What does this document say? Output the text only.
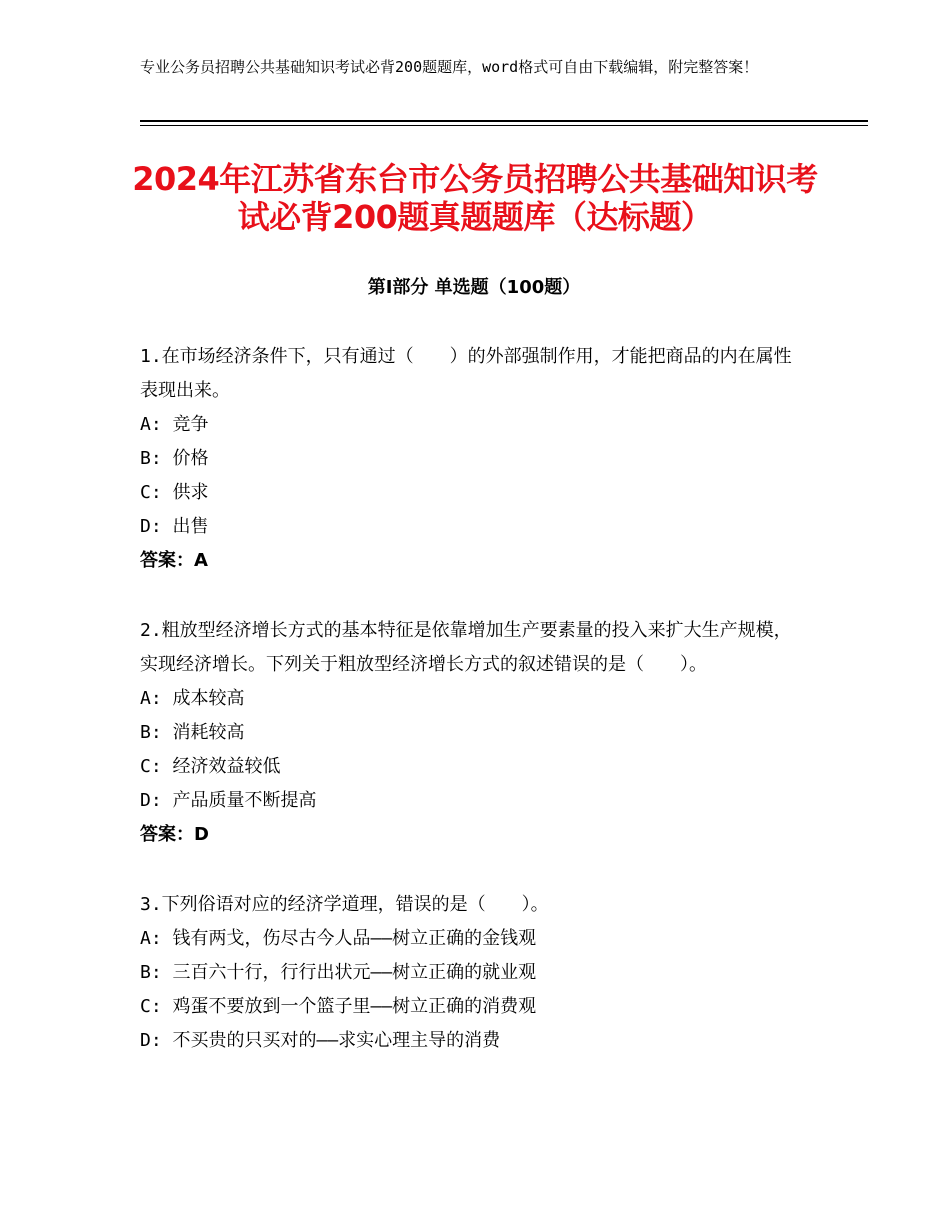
专业公务员招聘公共基础知识考试必背200题题库，word格式可自由下载编辑，附完整答案！
2024年江苏省东台市公务员招聘公共基础知识考试必背200题真题题库（达标题）
第Ⅰ部分 单选题（100题）
1.在市场经济条件下，只有通过（　　）的外部强制作用，才能把商品的内在属性表现出来。
A: 竞争
B: 价格
C: 供求
D: 出售
答案：A
2.粗放型经济增长方式的基本特征是依靠增加生产要素量的投入来扩大生产规模，实现经济增长。下列关于粗放型经济增长方式的叙述错误的是（　　）。
A: 成本较高
B: 消耗较高
C: 经济效益较低
D: 产品质量不断提高
答案：D
3.下列俗语对应的经济学道理，错误的是（　　）。
A: 钱有两戈，伤尽古今人品——树立正确的金钱观
B: 三百六十行，行行出状元——树立正确的就业观
C: 鸡蛋不要放到一个篮子里——树立正确的消费观
D: 不买贵的只买对的——求实心理主导的消费
